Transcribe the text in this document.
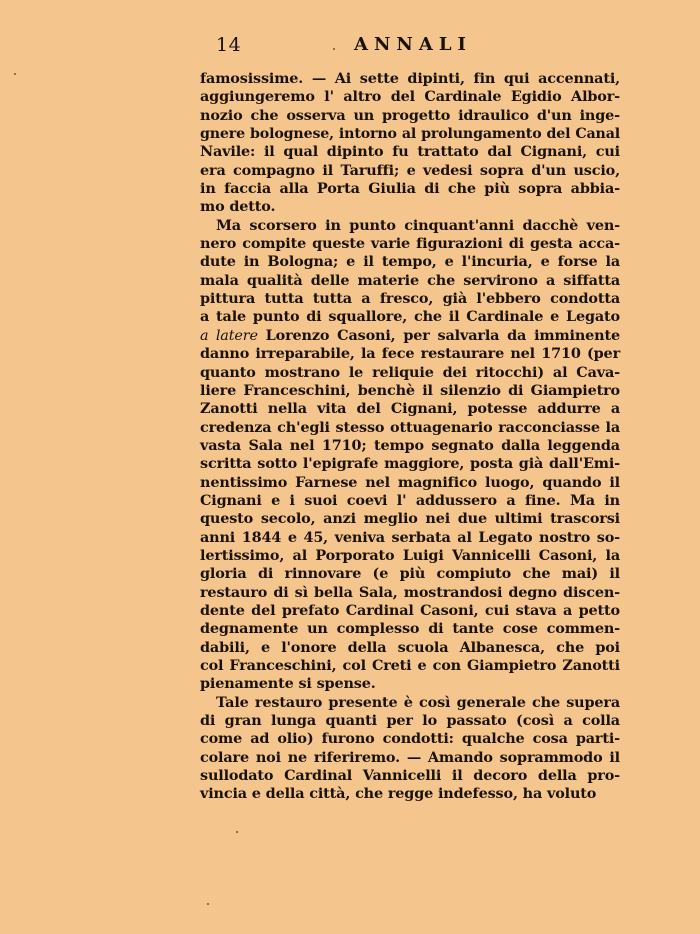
14	ANNALI
famosissime. — Ai sette dipinti, fin qui accennati,
aggiungeremo l' altro del Cardinale Egidio Albor-
nozio che osserva un progetto idraulico d'un inge-
gnere bolognese, intorno al prolungamento del Canal
Navile: il qual dipinto fu trattato dal Cignani, cui
era compagno il Taruffi; e vedesi sopra d'un uscio,
in faccia alla Porta Giulia di che più sopra abbia-
mo detto.
Ma scorsero in punto cinquant'anni dacchè ven-
nero compite queste varie figurazioni di gesta acca-
dute in Bologna; e il tempo, e l'incuria, e forse la
mala qualità delle materie che servirono a siffatta
pittura tutta tutta a fresco, già l'ebbero condotta
a tale punto di squallore, che il Cardinale e Legato
a latere Lorenzo Casoni, per salvarla da imminente
danno irreparabile, la fece restaurare nel 1710 (per
quanto mostrano le reliquie dei ritocchi) al Cava-
liere Franceschini, benchè il silenzio di Giampietro
Zanotti nella vita del Cignani, potesse addurre a
credenza ch'egli stesso ottuagenario racconciasse la
vasta Sala nel 1710; tempo segnato dalla leggenda
scritta sotto l'epigrafe maggiore, posta già dall'Emi-
nentissimo Farnese nel magnifico luogo, quando il
Cignani e i suoi coevi l' addussero a fine. Ma in
questo secolo, anzi meglio nei due ultimi trascorsi
anni 1844 e 45, veniva serbata al Legato nostro so-
lertissimo, al Porporato Luigi Vannicelli Casoni, la
gloria di rinnovare (e più compiuto che mai) il
restauro di sì bella Sala, mostrandosi degno discen-
dente del prefato Cardinal Casoni, cui stava a petto
degnamente un complesso di tante cose commen-
dabili, e l'onore della scuola Albanesca, che poi
col Franceschini, col Creti e con Giampietro Zanotti
pienamente si spense.
Tale restauro presente è così generale che supera
di gran lunga quanti per lo passato (così a colla
come ad olio) furono condotti: qualche cosa parti-
colare noi ne riferiremo. — Amando soprammodo il
sullodato Cardinal Vannicelli il decoro della pro-
vincia e della città, che regge indefesso, ha voluto
